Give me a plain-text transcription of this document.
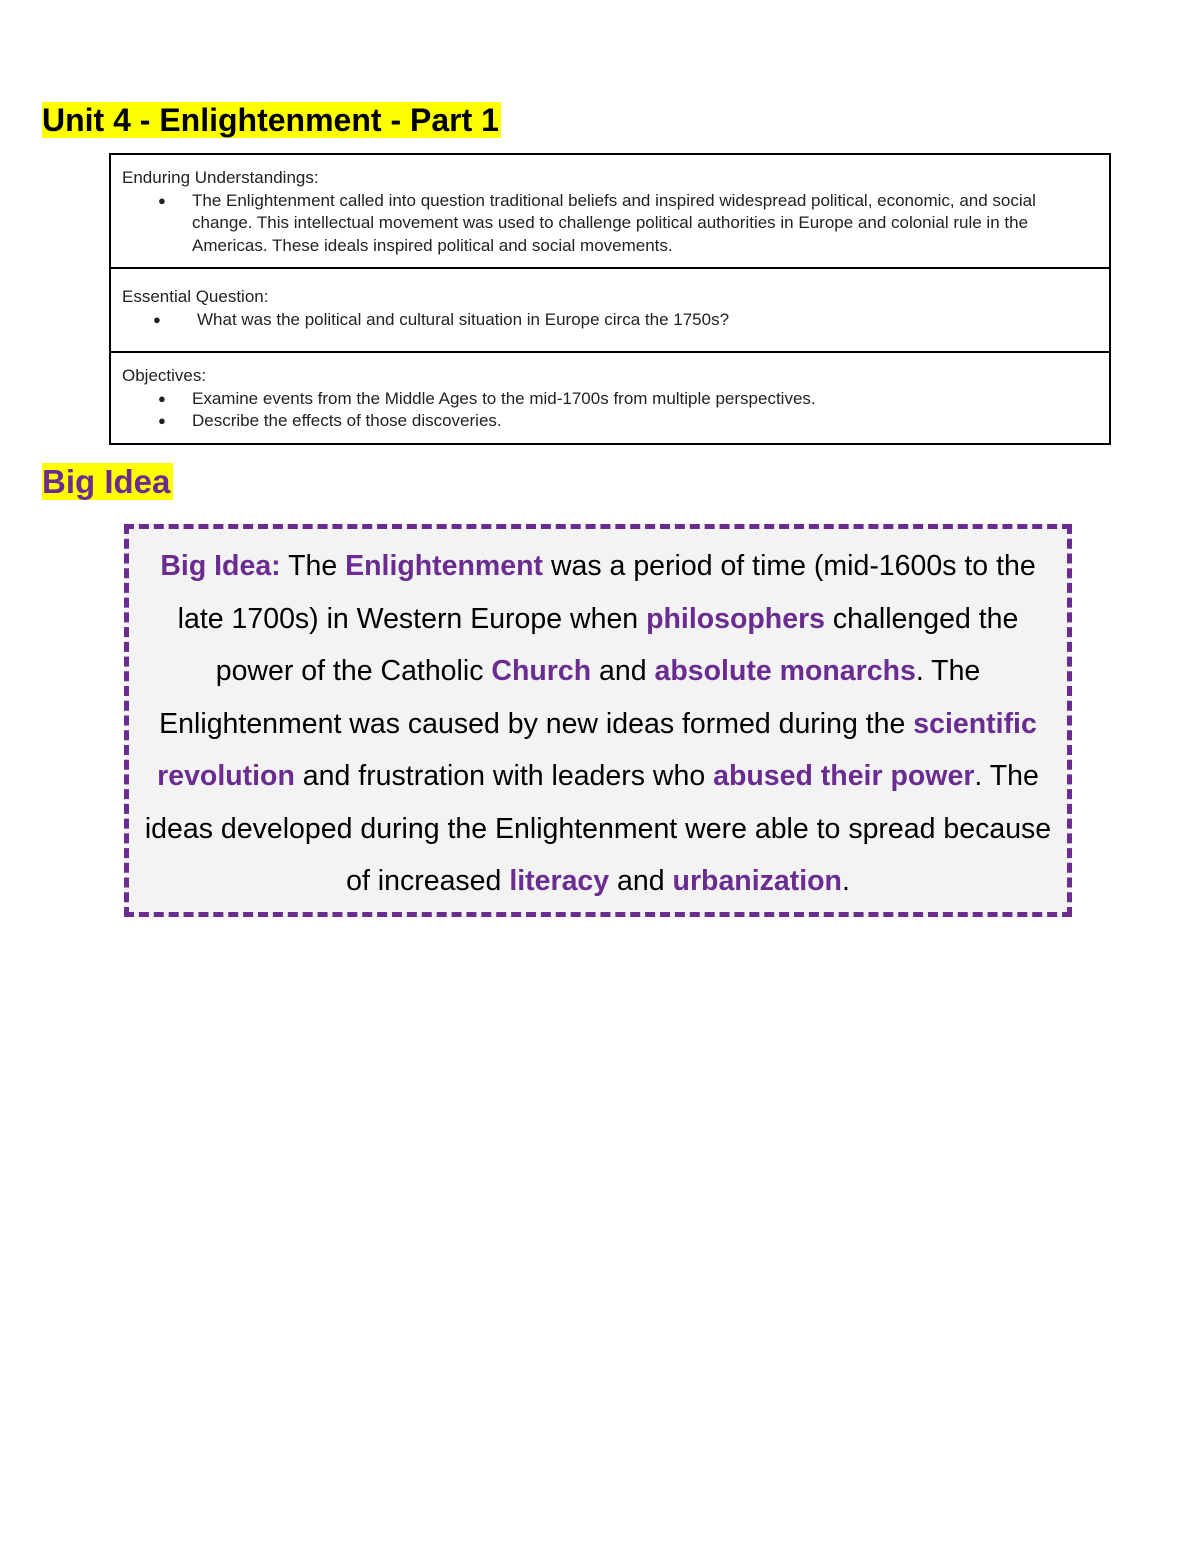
Unit 4 - Enlightenment - Part 1
Enduring Understandings:
● The Enlightenment called into question traditional beliefs and inspired widespread political, economic, and social change. This intellectual movement was used to challenge political authorities in Europe and colonial rule in the Americas. These ideals inspired political and social movements.

Essential Question:
● What was the political and cultural situation in Europe circa the 1750s?

Objectives:
● Examine events from the Middle Ages to the mid-1700s from multiple perspectives.
● Describe the effects of those discoveries.
Big Idea

Big Idea: The Enlightenment was a period of time (mid-1600s to the late 1700s) in Western Europe when philosophers challenged the power of the Catholic Church and absolute monarchs. The Enlightenment was caused by new ideas formed during the scientific revolution and frustration with leaders who abused their power. The ideas developed during the Enlightenment were able to spread because of increased literacy and urbanization.
